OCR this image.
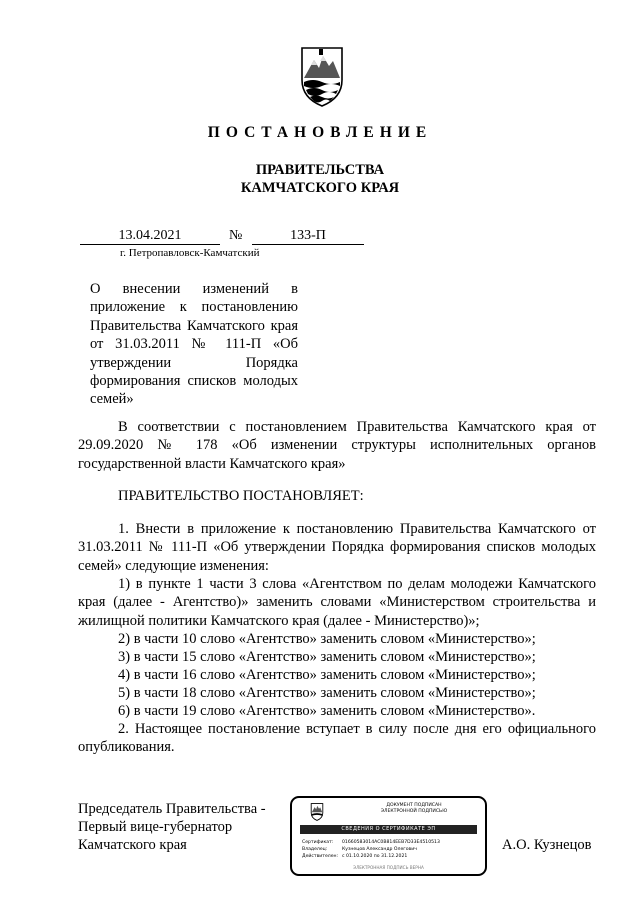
ПОСТАНОВЛЕНИЕ
ПРАВИТЕЛЬСТВА
КАМЧАТСКОГО КРАЯ
13.04.2021	№	133-П
г. Петропавловск-Камчатский
О внесении изменений в приложение к постановлению Правительства Камчатского края от 31.03.2011 № 111-П «Об утверждении Порядка формирования списков молодых семей»
В соответствии с постановлением Правительства Камчатского края от 29.09.2020 № 178 «Об изменении структуры исполнительных органов государственной власти Камчатского края»
ПРАВИТЕЛЬСТВО ПОСТАНОВЛЯЕТ:
1. Внести в приложение к постановлению Правительства Камчатского от 31.03.2011 № 111-П «Об утверждении Порядка формирования списков молодых семей» следующие изменения:
1) в пункте 1 части 3 слова «Агентством по делам молодежи Камчатского края (далее - Агентство)» заменить словами «Министерством строительства и жилищной политики Камчатского края (далее - Министерство)»;
2) в части 10 слово «Агентство» заменить словом «Министерство»;
3) в части 15 слово «Агентство» заменить словом «Министерство»;
4) в части 16 слово «Агентство» заменить словом «Министерство»;
5) в части 18 слово «Агентство» заменить словом «Министерство»;
6) в части 19 слово «Агентство» заменить словом «Министерство».
2. Настоящее постановление вступает в силу после дня его официального опубликования.
Председатель Правительства -
Первый вице-губернатор
Камчатского края	А.О. Кузнецов
ДОКУМЕНТ ПОДПИСАН
ЭЛЕКТРОННОЙ ПОДПИСЬЮ
СВЕДЕНИЯ О СЕРТИФИКАТЕ ЭП
Сертификат: 01660583014AC0B814EEB7D33E4510513
Владелец:	Кузнецов Александр Олегович
Действителен: с 01.10.2020 по 31.12.2021
ЭЛЕКТРОННАЯ ПОДПИСЬ ВЕРНА
